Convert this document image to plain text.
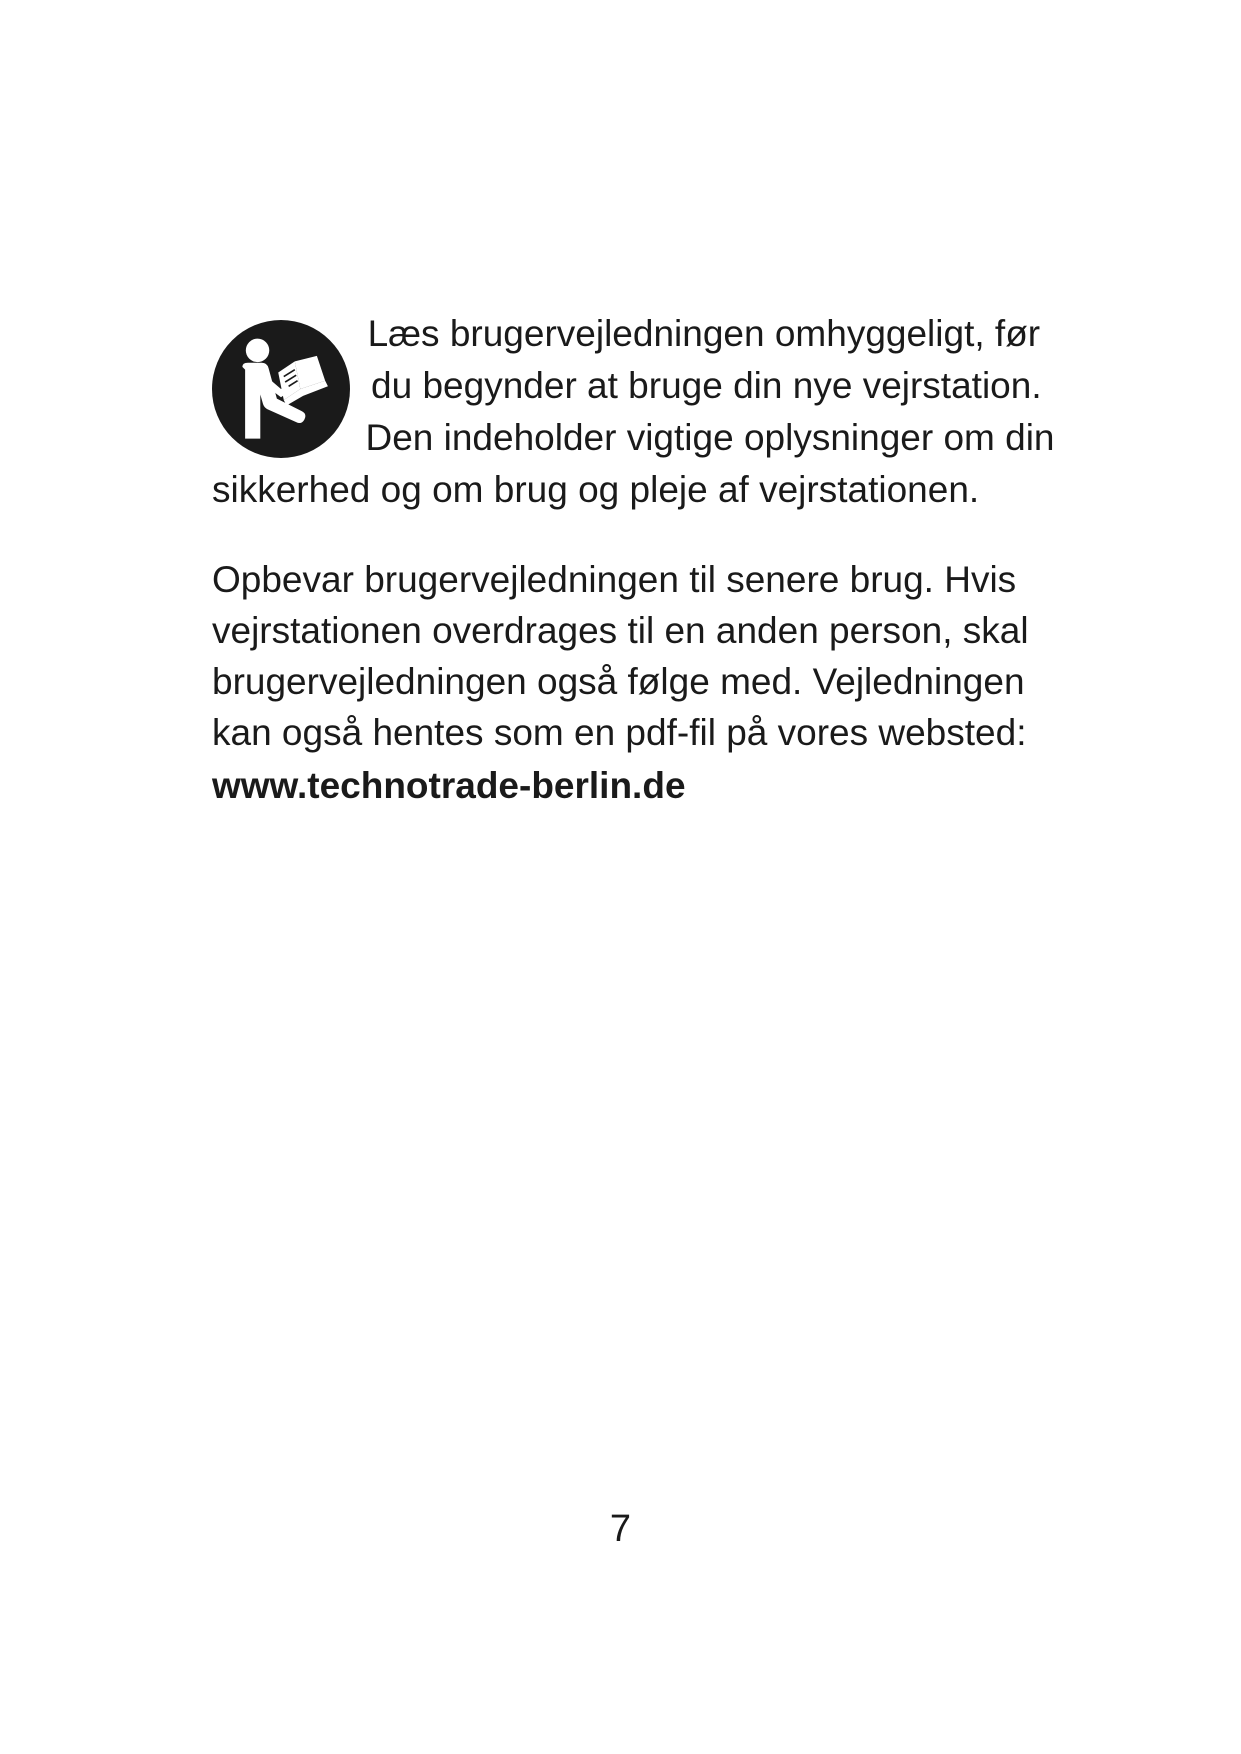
Læs brugervejledningen omhyggeligt, før du begynder at bruge din nye vejrstation. Den indeholder vigtige oplysninger om din sikkerhed og om brug og pleje af vejrstationen.

Opbevar brugervejledningen til senere brug. Hvis vejrstationen overdrages til en anden person, skal brugervejledningen også følge med. Vejledningen kan også hentes som en pdf-fil på vores websted:
www.technotrade-berlin.de

7
